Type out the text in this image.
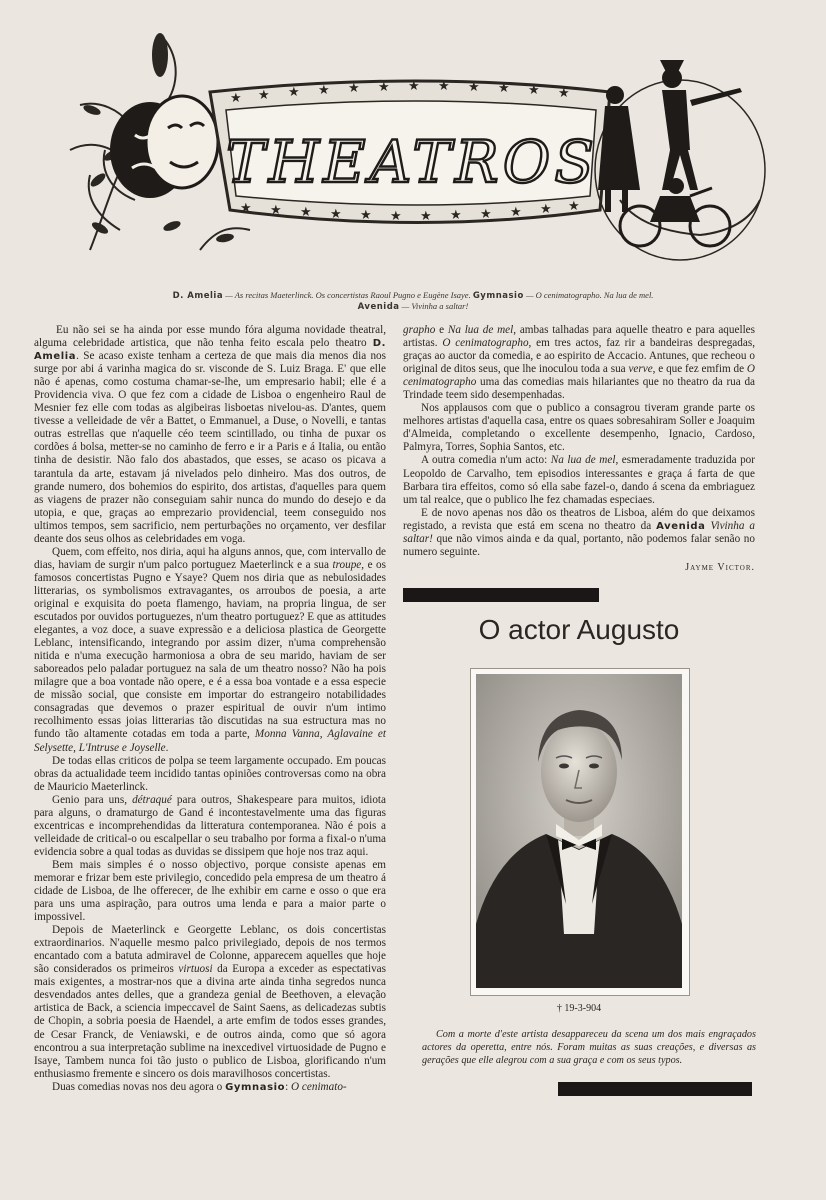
★ ★ ★ ★ ★ ★ ★ ★ ★ ★ ★ ★
★ ★ ★ ★ ★ ★ ★ ★ ★ ★ ★ ★
THEATROS
D. Amelia — As recitas Maeterlinck. Os concertistas Raoul Pugno e Eugène Isaye. Gymnasio — O cenimatographo. Na lua de mel.
Avenida — Vivinha a saltar!

Eu não sei se ha ainda por esse mundo fóra alguma novidade theatral, alguma celebridade artistica, que não tenha feito escala pelo theatro D. Amelia. Se acaso existe tenham a certeza de que mais dia menos dia nos surge por abi á varinha magica do sr. visconde de S. Luiz Braga. E' que elle não é apenas, como costuma chamar-se-lhe, um empresario habil; elle é a Providencia viva. O que fez com a cidade de Lisboa o engenheiro Raul de Mesnier fez elle com todas as algibeiras lisboetas nivelou-as. D'antes, quem tivesse a velleidade de vêr a Battet, o Emmanuel, a Duse, o Novelli, e tantas outras estrellas que n'aquelle céo teem scintillado, ou tinha de puxar os cordões á bolsa, metter-se no caminho de ferro e ir a Paris e á Italia, ou então tinha de desistir. Não falo dos abastados, que esses, se acaso os picava a tarantula da arte, estavam já nivelados pelo dinheiro. Mas dos outros, de grande numero, dos bohemios do espirito, dos artistas, d'aquelles para quem as viagens de prazer não conseguiam sahir nunca do mundo do desejo e da utopia, e que, graças ao emprezario providencial, teem conseguido nos ultimos tempos, sem sacrificio, nem perturbações no orçamento, ver desfilar deante dos seus olhos as celebridades em voga.

Quem, com effeito, nos diria, aqui ha alguns annos, que, com intervallo de dias, haviam de surgir n'um palco portuguez Maeterlinck e a sua troupe, e os famosos concertistas Pugno e Ysaye? Quem nos diria que as nebulosidades litterarias, os symbolismos extravagantes, os arroubos de poesia, a arte original e exquisita do poeta flamengo, haviam, na propria lingua, de ser escutados por ouvidos portuguezes, n'um theatro portuguez? E que as attitudes elegantes, a voz doce, a suave expressão e a deliciosa plastica de Georgette Leblanc, intensificando, integrando por assim dizer, n'uma comprehensão nitida e n'uma execução harmoniosa a obra de seu marido, haviam de ser saboreados pelo paladar portuguez na sala de um theatro nosso? Não ha pois milagre que a boa vontade não opere, e é a essa boa vontade e a essa especie de missão social, que consiste em importar do estrangeiro notabilidades consagradas que devemos o prazer espiritual de ouvir n'um intimo recolhimento essas joias litterarias tão discutidas na sua estructura mas no fundo tão altamente cotadas em toda a parte, Monna Vanna, Aglavaine et Selysette, L'Intruse e Joyselle.

De todas ellas criticos de polpa se teem largamente occupado. Em poucas obras da actualidade teem incidido tantas opiniões controversas como na obra de Mauricio Maeterlinck.

Genio para uns, détraqué para outros, Shakespeare para muitos, idiota para alguns, o dramaturgo de Gand é incontestavelmente uma das figuras excentricas e incomprehendidas da litteratura contemporanea. Não é pois a velleidade de critical-o ou escalpellar o seu trabalho por forma a fixal-o n'uma evidencia sobre a qual todas as duvidas se dissipem que hoje nos traz aqui.

Bem mais simples é o nosso objectivo, porque consiste apenas em memorar e frizar bem este privilegio, concedido pela empresa de um theatro á cidade de Lisboa, de lhe offerecer, de lhe exhibir em carne e osso o que era para uns uma aspiração, para outros uma lenda e para a maior parte o impossivel.

Depois de Maeterlinck e Georgette Leblanc, os dois concertistas extraordinarios. N'aquelle mesmo palco privilegiado, depois de nos termos encantado com a batuta admiravel de Colonne, apparecem aquelles que hoje são considerados os primeiros virtuosi da Europa a exceder as espectativas mais exigentes, a mostrar-nos que a divina arte ainda tinha segredos nunca desvendados antes delles, que a grandeza genial de Beethoven, a elevação artistica de Back, a sciencia impeccavel de Saint Saens, as delicadezas subtis de Chopin, a sobria poesia de Haendel, a arte emfim de todos esses grandes, de Cesar Franck, de Veniawski, e de outros ainda, como que só agora encontrou a sua interpretação sublime na inexcedivel virtuosidade de Pugno e Isaye, Tambem nunca foi tão justo o publico de Lisboa, glorificando n'um enthusiasmo fremente e sincero os dois maravilhosos concertistas.

Duas comedias novas nos deu agora o Gymnasio: O cenimato-

grapho e Na lua de mel, ambas talhadas para aquelle theatro e para aquelles artistas. O cenimatographo, em tres actos, faz rir a bandeiras despregadas, graças ao auctor da comedia, e ao espirito de Accacio. Antunes, que recheou o original de ditos seus, que lhe inoculou toda a sua verve, e que fez emfim de O cenimatographo uma das comedias mais hilariantes que no theatro da rua da Trindade teem sido desempenhadas.

Nos applausos com que o publico a consagrou tiveram grande parte os melhores artistas d'aquella casa, entre os quaes sobresahiram Soller e Joaquim d'Almeida, completando o excellente desempenho, Ignacio, Cardoso, Palmyra, Torres, Sophia Santos, etc.

A outra comedia n'um acto: Na lua de mel, esmeradamente traduzida por Leopoldo de Carvalho, tem episodios interessantes e graça á farta de que Barbara tira effeitos, como só ella sabe fazel-o, dando á scena da embriaguez um tal realce, que o publico lhe fez chamadas especiaes.

E de novo apenas nos dão os theatros de Lisboa, além do que deixamos registado, a revista que está em scena no theatro da Avenida Vivinha a saltar! que não vimos ainda e da qual, portanto, não podemos falar senão no numero seguinte.

Jayme Victor.
O actor Augusto
Augusto d'Almeida
† 19-3-904

Com a morte d'este artista desappareceu da scena um dos mais engraçados actores da operetta, entre nós. Foram muitas as suas creações, e diversas as gerações que elle alegrou com a sua graça e com os seus typos.
